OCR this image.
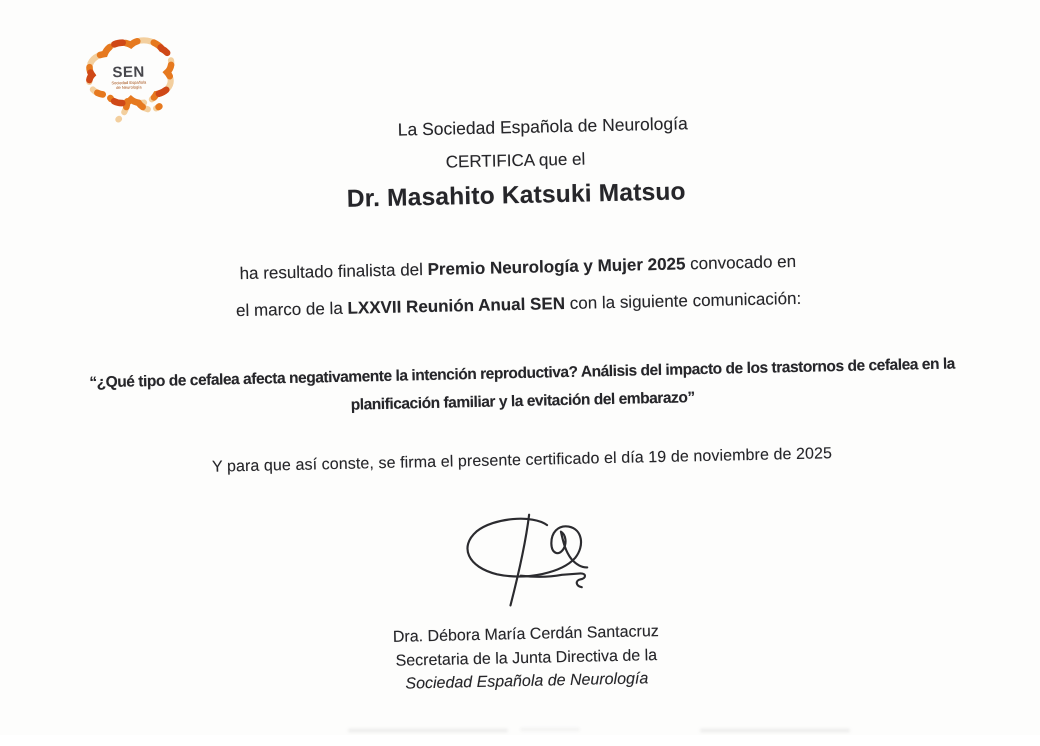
SEN
Sociedad Española
de Neurología
La Sociedad Española de Neurología
CERTIFICA que el
Dr. Masahito Katsuki Matsuo
ha resultado finalista del Premio Neurología y Mujer 2025 convocado en
el marco de la LXXVII Reunión Anual SEN con la siguiente comunicación:
“¿Qué tipo de cefalea afecta negativamente la intención reproductiva? Análisis del impacto de los trastornos de cefalea en la planificación familiar y la evitación del embarazo”
Y para que así conste, se firma el presente certificado el día 19 de noviembre de 2025
Dra. Débora María Cerdán Santacruz
Secretaria de la Junta Directiva de la
Sociedad Española de Neurología
